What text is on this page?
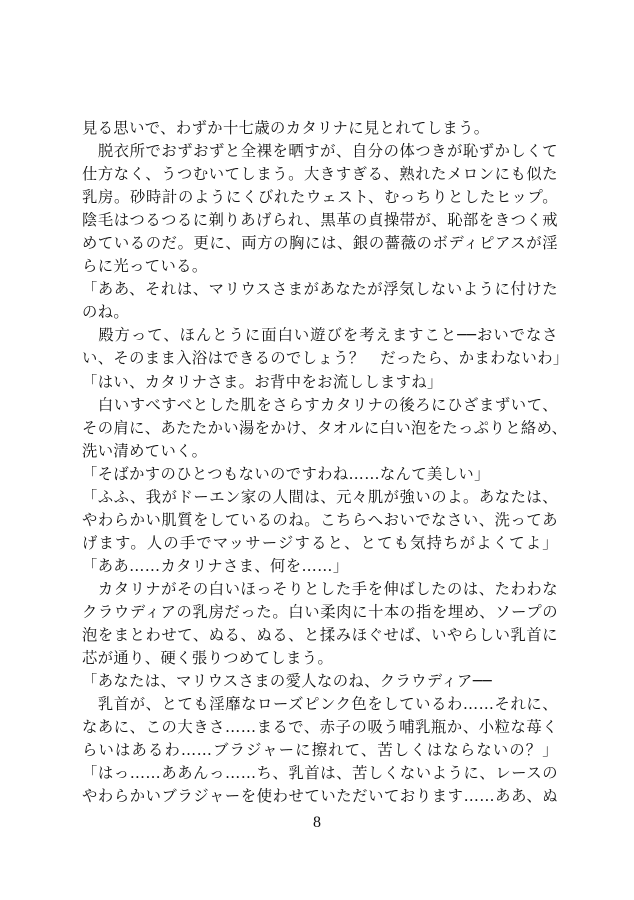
見る思いで、わずか十七歳のカタリナに見とれてしまう。
　脱衣所でおずおずと全裸を晒すが、自分の体つきが恥ずかしくて
仕方なく、うつむいてしまう。大きすぎる、熟れたメロンにも似た
乳房。砂時計のようにくびれたウェスト、むっちりとしたヒップ。
陰毛はつるつるに剃りあげられ、黒革の貞操帯が、恥部をきつく戒
めているのだ。更に、両方の胸には、銀の薔薇のボディピアスが淫
らに光っている。
「ああ、それは、マリウスさまがあなたが浮気しないように付けた
のね。
　殿方って、ほんとうに面白い遊びを考えますこと──おいでなさ
い、そのまま入浴はできるのでしょう？　だったら、かまわないわ」
「はい、カタリナさま。お背中をお流ししますね」
　白いすべすべとした肌をさらすカタリナの後ろにひざまずいて、
その肩に、あたたかい湯をかけ、タオルに白い泡をたっぷりと絡め、
洗い清めていく。
「そばかすのひとつもないのですわね……なんて美しい」
「ふふ、我がドーエン家の人間は、元々肌が強いのよ。あなたは、
やわらかい肌質をしているのね。こちらへおいでなさい、洗ってあ
げます。人の手でマッサージすると、とても気持ちがよくてよ」
「ああ……カタリナさま、何を……」
　カタリナがその白いほっそりとした手を伸ばしたのは、たわわな
クラウディアの乳房だった。白い柔肉に十本の指を埋め、ソープの
泡をまとわせて、ぬる、ぬる、と揉みほぐせば、いやらしい乳首に
芯が通り、硬く張りつめてしまう。
「あなたは、マリウスさまの愛人なのね、クラウディア──
　乳首が、とても淫靡なローズピンク色をしているわ……それに、
なあに、この大きさ……まるで、赤子の吸う哺乳瓶か、小粒な苺く
らいはあるわ……ブラジャーに擦れて、苦しくはならないの？」
「はっ……ああんっ……ち、乳首は、苦しくないように、レースの
やわらかいブラジャーを使わせていただいております……ああ、ぬ
8
